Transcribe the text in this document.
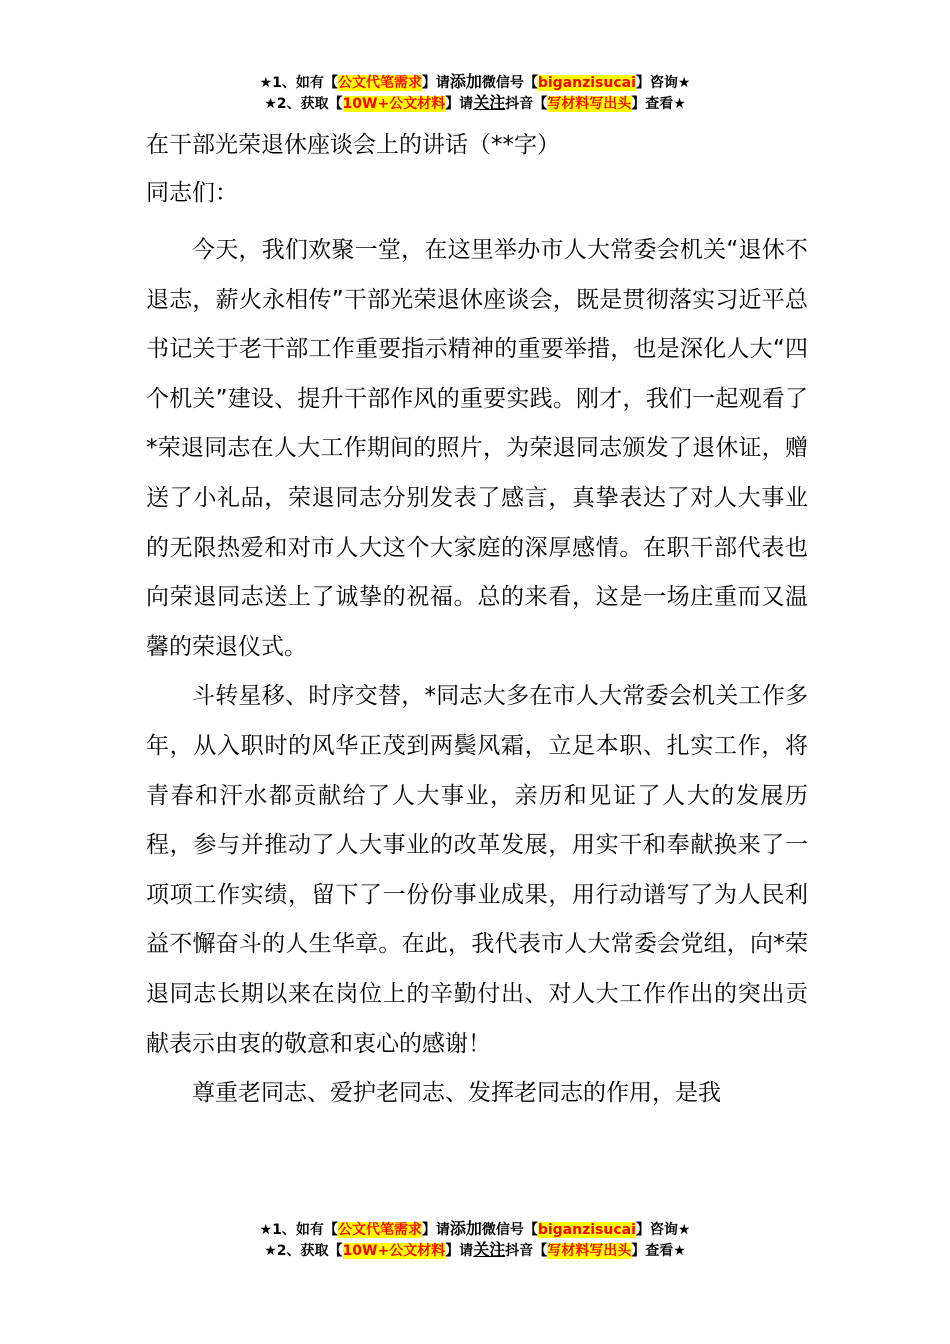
★1、如有【公文代笔需求】请添加微信号【biganzisucai】咨询★
★2、获取【10W+公文材料】请关注抖音【写材料写出头】查看★
在干部光荣退休座谈会上的讲话（**字）
同志们：

今天，我们欢聚一堂，在这里举办市人大常委会机关“退休不退志，薪火永相传”干部光荣退休座谈会，既是贯彻落实习近平总书记关于老干部工作重要指示精神的重要举措，也是深化人大“四个机关”建设、提升干部作风的重要实践。刚才，我们一起观看了*荣退同志在人大工作期间的照片，为荣退同志颁发了退休证，赠送了小礼品，荣退同志分别发表了感言，真挚表达了对人大事业的无限热爱和对市人大这个大家庭的深厚感情。在职干部代表也向荣退同志送上了诚挚的祝福。总的来看，这是一场庄重而又温馨的荣退仪式。

斗转星移、时序交替，*同志大多在市人大常委会机关工作多年，从入职时的风华正茂到两鬓风霜，立足本职、扎实工作，将青春和汗水都贡献给了人大事业，亲历和见证了人大的发展历程，参与并推动了人大事业的改革发展，用实干和奉献换来了一项项工作实绩，留下了一份份事业成果，用行动谱写了为人民利益不懈奋斗的人生华章。在此，我代表市人大常委会党组，向*荣退同志长期以来在岗位上的辛勤付出、对人大工作作出的突出贡献表示由衷的敬意和衷心的感谢！

尊重老同志、爱护老同志、发挥老同志的作用，是我

★1、如有【公文代笔需求】请添加微信号【biganzisucai】咨询★
★2、获取【10W+公文材料】请关注抖音【写材料写出头】查看★
